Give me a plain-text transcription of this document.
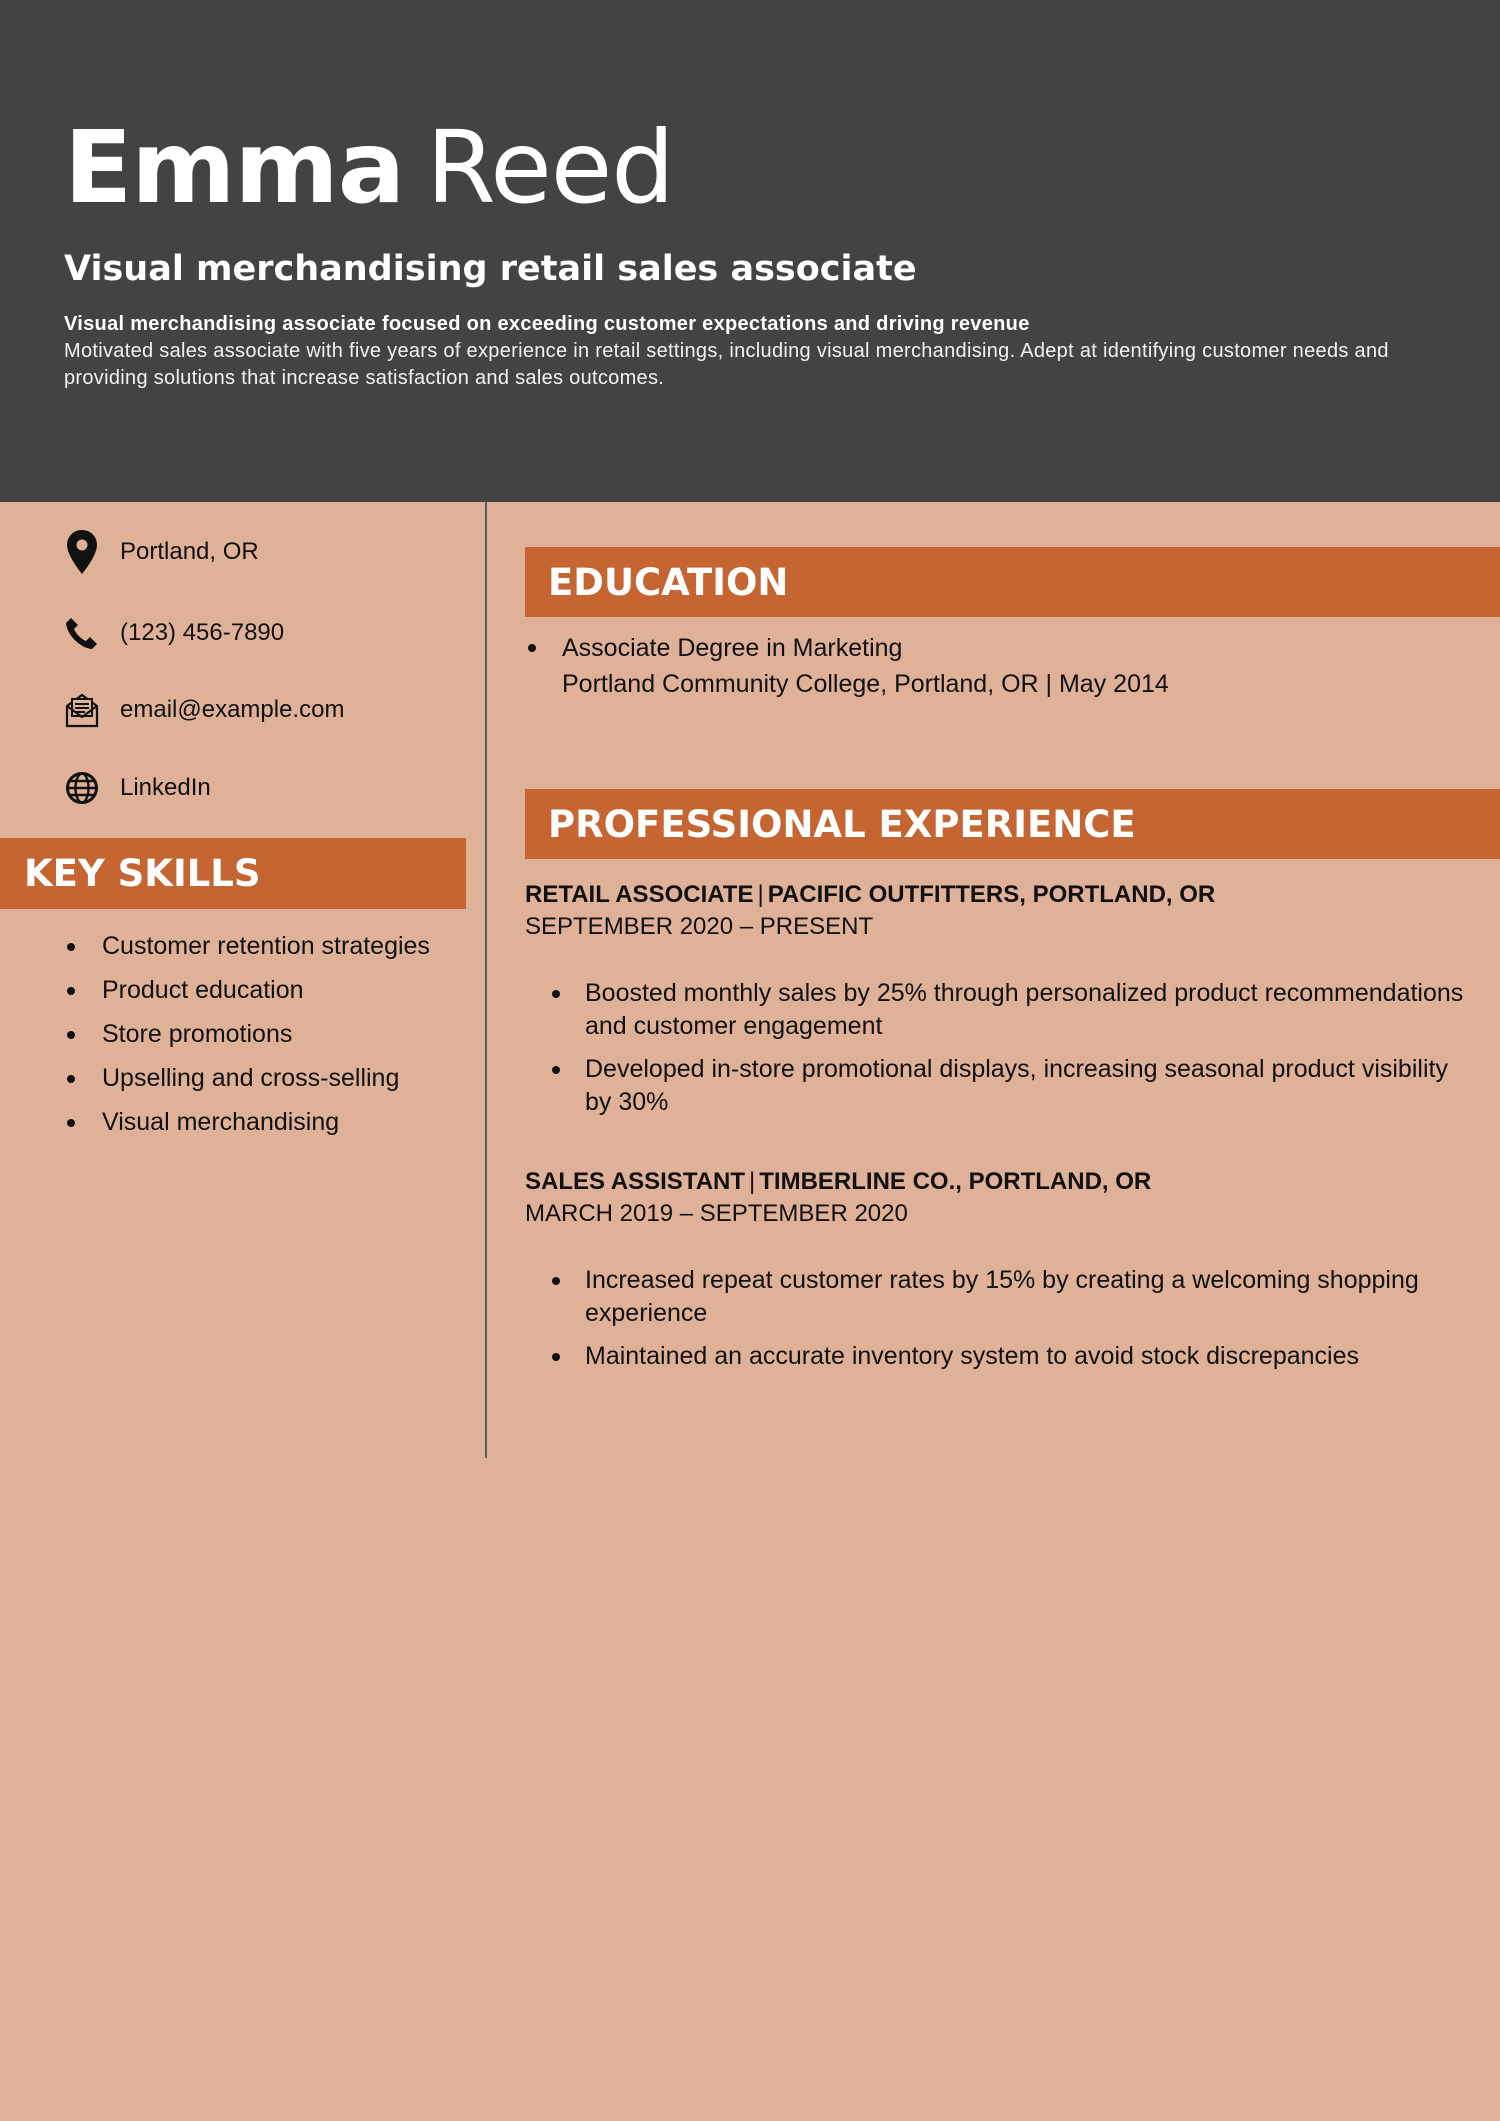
Emma Reed
Visual merchandising retail sales associate
Visual merchandising associate focused on exceeding customer expectations and driving revenue
Motivated sales associate with five years of experience in retail settings, including visual merchandising. Adept at identifying customer needs and providing solutions that increase satisfaction and sales outcomes.
Portland, OR
(123) 456-7890
email@example.com
LinkedIn
KEY SKILLS
Customer retention strategies
Product education
Store promotions
Upselling and cross-selling
Visual merchandising
EDUCATION
Associate Degree in Marketing
Portland Community College, Portland, OR | May 2014
PROFESSIONAL EXPERIENCE
RETAIL ASSOCIATE | PACIFIC OUTFITTERS, PORTLAND, OR
SEPTEMBER 2020 – PRESENT
Boosted monthly sales by 25% through personalized product recommendations and customer engagement
Developed in-store promotional displays, increasing seasonal product visibility by 30%
SALES ASSISTANT | TIMBERLINE CO., PORTLAND, OR
MARCH 2019 – SEPTEMBER 2020
Increased repeat customer rates by 15% by creating a welcoming shopping experience
Maintained an accurate inventory system to avoid stock discrepancies
